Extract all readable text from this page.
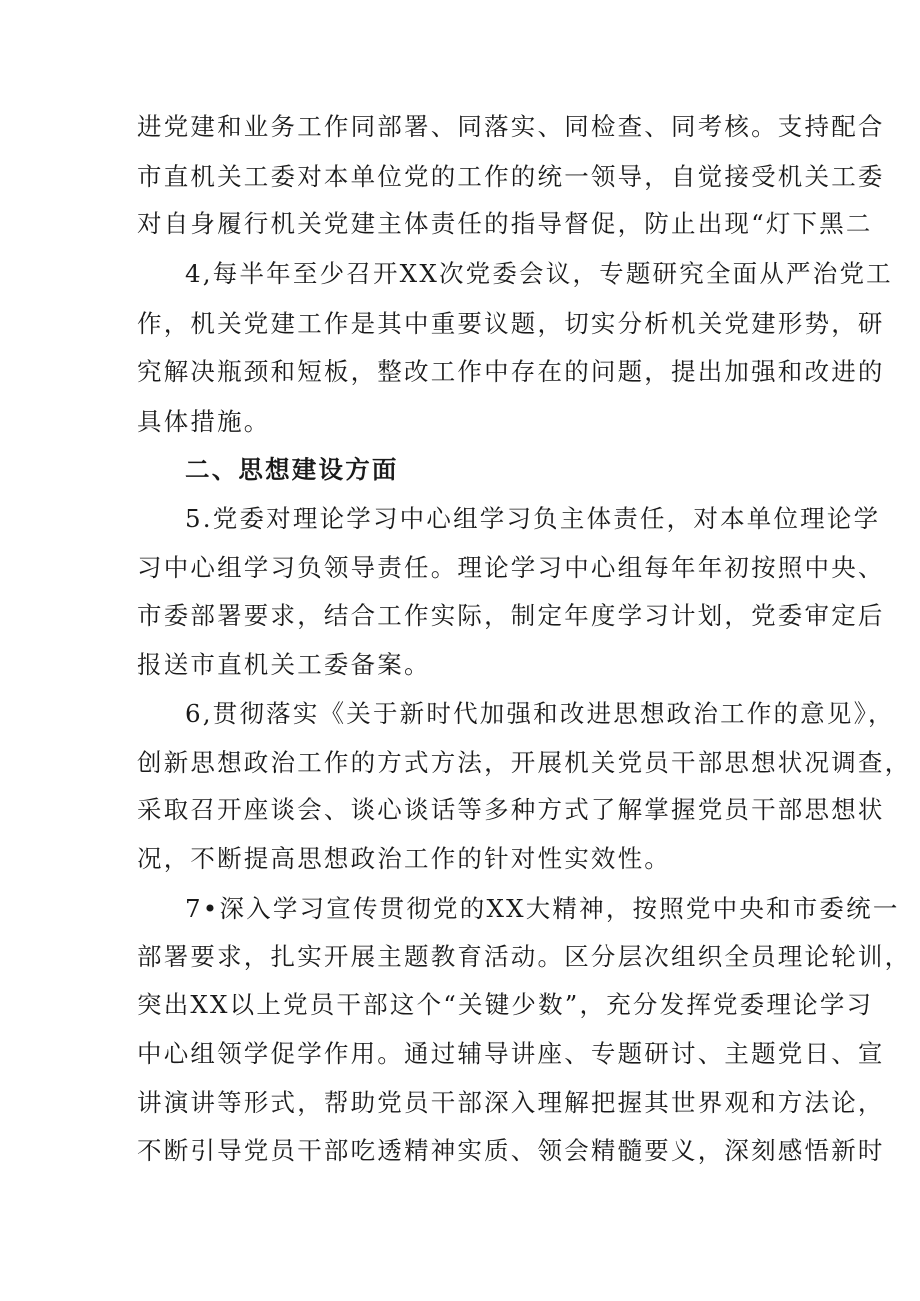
进党建和业务工作同部署、同落实、同检查、同考核。支持配合
市直机关工委对本单位党的工作的统一领导，自觉接受机关工委
对自身履行机关党建主体责任的指导督促，防止出现“灯下黑二
4,每半年至少召开XX次党委会议，专题研究全面从严治党工
作，机关党建工作是其中重要议题，切实分析机关党建形势，研
究解决瓶颈和短板，整改工作中存在的问题，提出加强和改进的
具体措施。
二、思想建设方面
5.党委对理论学习中心组学习负主体责任，对本单位理论学
习中心组学习负领导责任。理论学习中心组每年年初按照中央、
市委部署要求，结合工作实际，制定年度学习计划，党委审定后
报送市直机关工委备案。
6,贯彻落实《关于新时代加强和改进思想政治工作的意见》，
创新思想政治工作的方式方法，开展机关党员干部思想状况调查，
采取召开座谈会、谈心谈话等多种方式了解掌握党员干部思想状
况，不断提高思想政治工作的针对性实效性。
7•深入学习宣传贯彻党的XX大精神，按照党中央和市委统一
部署要求，扎实开展主题教育活动。区分层次组织全员理论轮训，
突出XX以上党员干部这个“关键少数”，充分发挥党委理论学习
中心组领学促学作用。通过辅导讲座、专题研讨、主题党日、宣
讲演讲等形式，帮助党员干部深入理解把握其世界观和方法论，
不断引导党员干部吃透精神实质、领会精髓要义，深刻感悟新时
